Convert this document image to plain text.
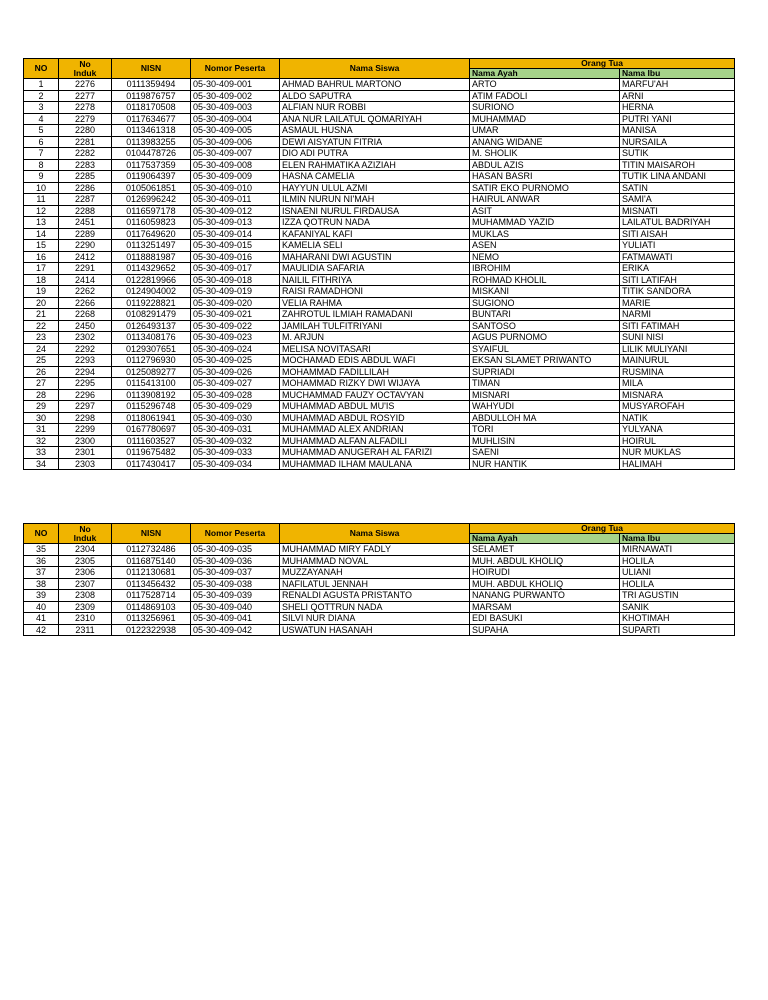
NO	No
Induk	NISN	Nomor Peserta	Nama Siswa	Orang Tua	
					Nama Ayah	Nama Ibu
1	2276	0111359494	05-30-409-001	AHMAD BAHRUL MARTONO	ARTO	MARFU'AH
2	2277	0119876757	05-30-409-002	ALDO SAPUTRA	ATIM FADOLI	ARNI
3	2278	0118170508	05-30-409-003	ALFIAN NUR ROBBI	SURIONO	HERNA
4	2279	0117634677	05-30-409-004	ANA NUR LAILATUL QOMARIYAH	MUHAMMAD	PUTRI YANI
5	2280	0113461318	05-30-409-005	ASMAUL HUSNA	UMAR	MANISA
6	2281	0113983255	05-30-409-006	DEWI AISYATUN FITRIA	ANANG WIDANE	NURSAILA
7	2282	0104478726	05-30-409-007	DIO ADI PUTRA	M. SHOLIK	SUTIK
8	2283	0117537359	05-30-409-008	ELEN RAHMATIKA AZIZIAH	ABDUL AZIS	TITIN MAISAROH
9	2285	0119064397	05-30-409-009	HASNA CAMELIA	HASAN BASRI	TUTIK LINA ANDANI
10	2286	0105061851	05-30-409-010	HAYYUN ULUL AZMI	SATIR EKO PURNOMO	SATIN
11	2287	0126996242	05-30-409-011	ILMIN NURUN NI'MAH	HAIRUL ANWAR	SAMI'A
12	2288	0116597178	05-30-409-012	ISNAENI NURUL FIRDAUSA	ASIT	MISNATI
13	2451	0116059823	05-30-409-013	IZZA QOTRUN NADA	MUHAMMAD YAZID	LAILATUL BADRIYAH
14	2289	0117649620	05-30-409-014	KAFANIYAL KAFI	MUKLAS	SITI AISAH
15	2290	0113251497	05-30-409-015	KAMELIA SELI	ASEN	YULIATI
16	2412	0118881987	05-30-409-016	MAHARANI DWI AGUSTIN	NEMO	FATMAWATI
17	2291	0114329652	05-30-409-017	MAULIDIA SAFARIA	IBROHIM	ERIKA
18	2414	0122819966	05-30-409-018	NAILIL FITHRIYA	ROHMAD KHOLIL	SITI LATIFAH
19	2262	0124904002	05-30-409-019	RAISI RAMADHONI	MISKANI	TITIK SANDORA
20	2266	0119228821	05-30-409-020	VELIA RAHMA	SUGIONO	MARIE
21	2268	0108291479	05-30-409-021	ZAHROTUL ILMIAH RAMADANI	BUNTARI	NARMI
22	2450	0126493137	05-30-409-022	JAMILAH TULFITRIYANI	SANTOSO	SITI FATIMAH
23	2302	0113408176	05-30-409-023	M. ARJUN	AGUS PURNOMO	SUNI NISI
24	2292	0129307651	05-30-409-024	MELISA NOVITASARI	SYAIFUL	LILIK MULIYANI
25	2293	0112796930	05-30-409-025	MOCHAMAD EDIS ABDUL WAFI	EKSAN SLAMET PRIWANTO	MAINURUL
26	2294	0125089277	05-30-409-026	MOHAMMAD FADILLILAH	SUPRIADI	RUSMINA
27	2295	0115413100	05-30-409-027	MOHAMMAD RIZKY DWI WIJAYA	TIMAN	MILA
28	2296	0113908192	05-30-409-028	MUCHAMMAD FAUZY OCTAVYAN	MISNARI	MISNARA
29	2297	0115296748	05-30-409-029	MUHAMMAD ABDUL MU'IS	WAHYUDI	MUSYAROFAH
30	2298	0118061941	05-30-409-030	MUHAMMAD ABDUL ROSYID	ABDULLOH MA	NATIK
31	2299	0167780697	05-30-409-031	MUHAMMAD ALEX ANDRIAN	TORI	YULYANA
32	2300	0111603527	05-30-409-032	MUHAMMAD ALFAN ALFADILI	MUHLISIN	HOIRUL
33	2301	0119675482	05-30-409-033	MUHAMMAD ANUGERAH AL FARIZI	SAENI	NUR MUKLAS
34	2303	0117430417	05-30-409-034	MUHAMMAD ILHAM MAULANA	NUR HANTIK	HALIMAH
NO	No
Induk	NISN	Nomor Peserta	Nama Siswa	Orang Tua	
					Nama Ayah	Nama Ibu
35	2304	0112732486	05-30-409-035	MUHAMMAD MIRY FADLY	SELAMET	MIRNAWATI
36	2305	0116875140	05-30-409-036	MUHAMMAD NOVAL	MUH. ABDUL KHOLIQ	HOLILA
37	2306	0112130681	05-30-409-037	MUZZAYANAH	HOIRUDI	ULIANI
38	2307	0113456432	05-30-409-038	NAFILATUL JENNAH	MUH. ABDUL KHOLIQ	HOLILA
39	2308	0117528714	05-30-409-039	RENALDI AGUSTA PRISTANTO	NANANG PURWANTO	TRI AGUSTIN
40	2309	0114869103	05-30-409-040	SHELI QOTTRUN NADA	MARSAM	SANIK
41	2310	0113256961	05-30-409-041	SILVI NUR DIANA	EDI BASUKI	KHOTIMAH
42	2311	0122322938	05-30-409-042	USWATUN HASANAH	SUPAHA	SUPARTI
